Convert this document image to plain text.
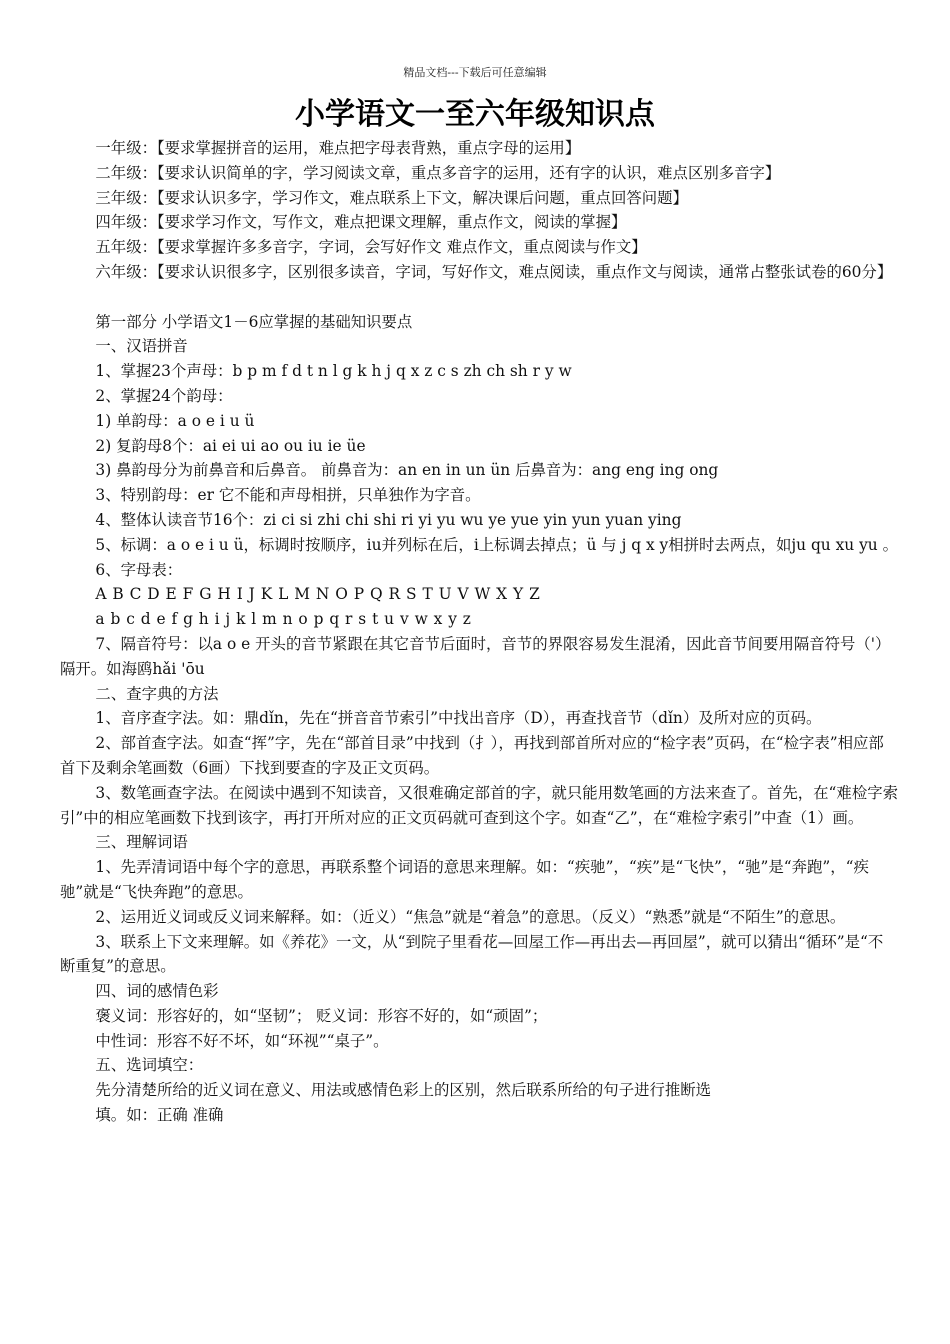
精品文档---下载后可任意编辑
小学语文一至六年级知识点

一年级：【要求掌握拼音的运用，难点把字母表背熟，重点字母的运用】

二年级：【要求认识简单的字，学习阅读文章，重点多音字的运用，还有字的认识，难点区别多音字】

三年级：【要求认识多字，学习作文，难点联系上下文，解决课后问题，重点回答问题】

四年级：【要求学习作文，写作文，难点把课文理解，重点作文，阅读的掌握】

五年级：【要求掌握许多多音字，字词，会写好作文 难点作文，重点阅读与作文】

六年级：【要求认识很多字，区别很多读音，字词，写好作文，难点阅读，重点作文与阅读，通常占整张试卷的60分】

第一部分 小学语文1－6应掌握的基础知识要点

一、汉语拼音

1、掌握23个声母：b p m f d t n l g k h j q x z c s zh ch sh r y w

2、掌握24个韵母：

1) 单韵母：a o e i u ü

2) 复韵母8个：ai ei ui ao ou iu ie üe

3) 鼻韵母分为前鼻音和后鼻音。 前鼻音为：an en in un ün 后鼻音为：ang eng ing ong

3、特别韵母：er 它不能和声母相拼，只单独作为字音。

4、整体认读音节16个：zi ci si zhi chi shi ri yi yu wu ye yue yin yun yuan ying

5、标调：a o e i u ü，标调时按顺序，iu并列标在后，i上标调去掉点；ü 与 j q x y相拼时去两点，如ju qu xu yu 。

6、字母表：

A B C D E F G H I J K L M N O P Q R S T U V W X Y Z

a b c d e f g h i j k l m n o p q r s t u v w x y z

7、隔音符号：以a o e 开头的音节紧跟在其它音节后面时，音节的界限容易发生混淆，因此音节间要用隔音符号（'）隔开。如海鸥hǎi 'ōu

二、查字典的方法

1、音序查字法。如：鼎dǐn，先在“拼音音节索引”中找出音序（D），再查找音节（dǐn）及所对应的页码。

2、部首查字法。如查“挥”字，先在“部首目录”中找到（扌），再找到部首所对应的“检字表”页码，在“检字表”相应部首下及剩余笔画数（6画）下找到要查的字及正文页码。

3、数笔画查字法。在阅读中遇到不知读音，又很难确定部首的字，就只能用数笔画的方法来查了。首先，在“难检字索引”中的相应笔画数下找到该字，再打开所对应的正文页码就可查到这个字。如查“乙”，在“难检字索引”中查（1）画。

三、理解词语

1、先弄清词语中每个字的意思，再联系整个词语的意思来理解。如：“疾驰”，“疾”是“飞快”，“驰”是“奔跑”，“疾驰”就是“飞快奔跑”的意思。

2、运用近义词或反义词来解释。如：（近义）“焦急”就是“着急”的意思。（反义）“熟悉”就是“不陌生”的意思。

3、联系上下文来理解。如《养花》一文，从“到院子里看花—回屋工作—再出去—再回屋”，就可以猜出“循环”是“不断重复”的意思。

四、词的感情色彩

褒义词：形容好的，如“坚韧”； 贬义词：形容不好的，如“顽固”；

中性词：形容不好不坏，如“环视”“桌子”。

五、选词填空：

先分清楚所给的近义词在意义、用法或感情色彩上的区别，然后联系所给的句子进行推断选

填。如：正确 准确
